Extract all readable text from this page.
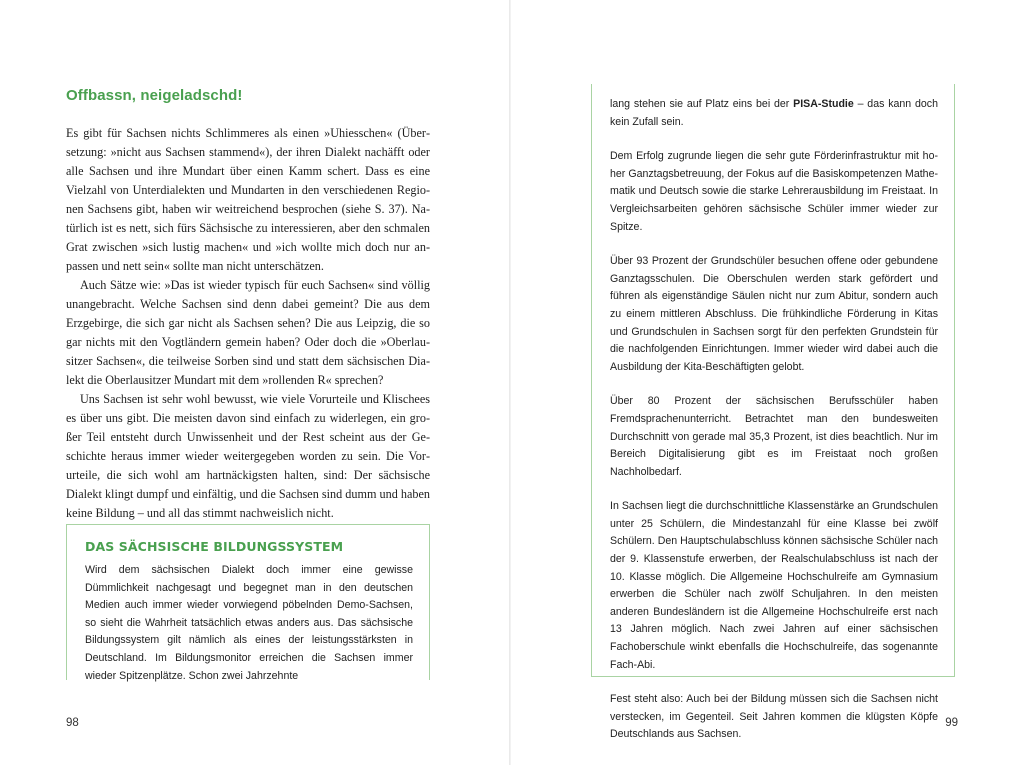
Offbassn, neigeladschd!

Es gibt für Sachsen nichts Schlimmeres als einen »Uhiesschen« (Übersetzung: »nicht aus Sachsen stammend«), der ihren Dialekt nachäfft oder alle Sachsen und ihre Mundart über einen Kamm schert. Dass es eine Vielzahl von Unterdialekten und Mundarten in den verschiedenen Regionen Sachsens gibt, haben wir weitreichend besprochen (siehe S. 37). Natürlich ist es nett, sich fürs Sächsische zu interessieren, aber den schmalen Grat zwischen »sich lustig machen« und »ich wollte mich doch nur anpassen und nett sein« sollte man nicht unterschätzen.

Auch Sätze wie: »Das ist wieder typisch für euch Sachsen« sind völlig unangebracht. Welche Sachsen sind denn dabei gemeint? Die aus dem Erzgebirge, die sich gar nicht als Sachsen sehen? Die aus Leipzig, die so gar nichts mit den Vogtländern gemein haben? Oder doch die »Oberlausitzer Sachsen«, die teilweise Sorben sind und statt dem sächsischen Dialekt die Oberlausitzer Mundart mit dem »rollenden R« sprechen?

Uns Sachsen ist sehr wohl bewusst, wie viele Vorurteile und Klischees es über uns gibt. Die meisten davon sind einfach zu widerlegen, ein großer Teil entsteht durch Unwissenheit und der Rest scheint aus der Geschichte heraus immer wieder weitergegeben worden zu sein. Die Vorurteile, die sich wohl am hartnäckigsten halten, sind: Der sächsische Dialekt klingt dumpf und einfältig, und die Sachsen sind dumm und haben keine Bildung – und all das stimmt nachweislich nicht.

DAS SÄCHSISCHE BILDUNGSSYSTEM
Wird dem sächsischen Dialekt doch immer eine gewisse Dümmlichkeit nachgesagt und begegnet man in den deutschen Medien auch immer wieder vorwiegend pöbelnden Demo-Sachsen, so sieht die Wahrheit tatsächlich etwas anders aus. Das sächsische Bildungssystem gilt nämlich als eines der leistungsstärksten in Deutschland. Im Bildungsmonitor erreichen die Sachsen immer wieder Spitzenplätze. Schon zwei Jahrzehnte
98

lang stehen sie auf Platz eins bei der PISA-Studie – das kann doch kein Zufall sein.

Dem Erfolg zugrunde liegen die sehr gute Förderinfrastruktur mit hoher Ganztagsbetreuung, der Fokus auf die Basiskompetenzen Mathematik und Deutsch sowie die starke Lehrerausbildung im Freistaat. In Vergleichsarbeiten gehören sächsische Schüler immer wieder zur Spitze.

Über 93 Prozent der Grundschüler besuchen offene oder gebundene Ganztagsschulen. Die Oberschulen werden stark gefördert und führen als eigenständige Säulen nicht nur zum Abitur, sondern auch zu einem mittleren Abschluss. Die frühkindliche Förderung in Kitas und Grundschulen in Sachsen sorgt für den perfekten Grundstein für die nachfolgenden Einrichtungen. Immer wieder wird dabei auch die Ausbildung der Kita-Beschäftigten gelobt.

Über 80 Prozent der sächsischen Berufsschüler haben Fremdsprachenunterricht. Betrachtet man den bundesweiten Durchschnitt von gerade mal 35,3 Prozent, ist dies beachtlich. Nur im Bereich Digitalisierung gibt es im Freistaat noch großen Nachholbedarf.

In Sachsen liegt die durchschnittliche Klassenstärke an Grundschulen unter 25 Schülern, die Mindestanzahl für eine Klasse bei zwölf Schülern. Den Hauptschulabschluss können sächsische Schüler nach der 9. Klassenstufe erwerben, der Realschulabschluss ist nach der 10. Klasse möglich. Die Allgemeine Hochschulreife am Gymnasium erwerben die Schüler nach zwölf Schuljahren. In den meisten anderen Bundesländern ist die Allgemeine Hochschulreife erst nach 13 Jahren möglich. Nach zwei Jahren auf einer sächsischen Fachoberschule winkt ebenfalls die Hochschulreife, das sogenannte Fach-Abi.

Fest steht also: Auch bei der Bildung müssen sich die Sachsen nicht verstecken, im Gegenteil. Seit Jahren kommen die klügsten Köpfe Deutschlands aus Sachsen.

99
